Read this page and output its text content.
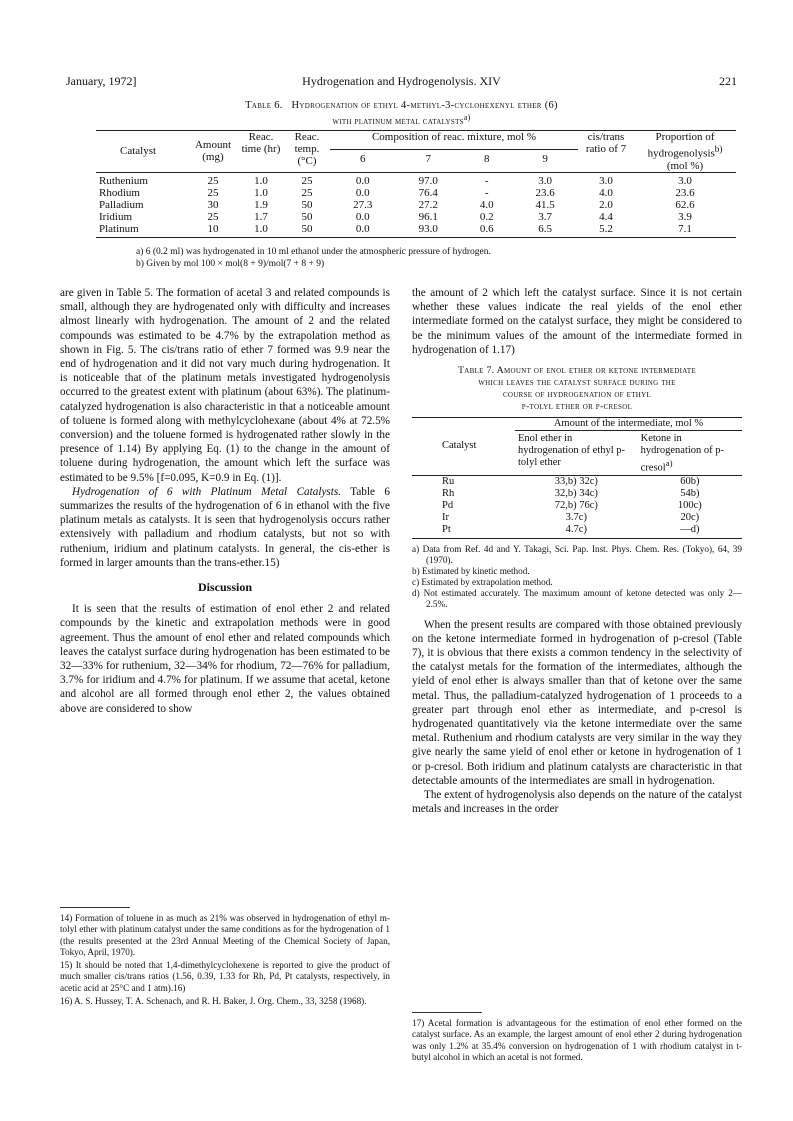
January, 1972]	Hydrogenation and Hydrogenolysis. XIV	221
Table 6. Hydrogenation of ethyl 4-methyl-3-cyclohexenyl ether (6)
with platinum metal catalysts$^{a)}$
Catalyst	Amount (mg)	Reac. time (hr)	Reac. temp. (°C)	Composition of reac. mixture, mol %				cis/trans ratio of 7	Proportion of hydrogenolysis$^{b)}$
(mol %)
				6	7	8	9		
Ruthenium	25	1.0	25	0.0	97.0	-	3.0	3.0	3.0
Rhodium	25	1.0	25	0.0	76.4	-	23.6	4.0	23.6
Palladium	30	1.9	50	27.3	27.2	4.0	41.5	2.0	62.6
Iridium	25	1.7	50	0.0	96.1	0.2	3.7	4.4	3.9
Platinum	10	1.0	50	0.0	93.0	0.6	6.5	5.2	7.1
a) 6 (0.2 ml) was hydrogenated in 10 ml ethanol under the atmospheric pressure of hydrogen.
b) Given by mol 100 × mol(8 + 9)/mol(7 + 8 + 9)

are given in Table 5. The formation of acetal 3 and related compounds is small, although they are hydrogenated only with difficulty and increases almost linearly with hydrogenation. The amount of 2 and the related compounds was estimated to be 4.7% by the extrapolation method as shown in Fig. 5. The cis/trans ratio of ether 7 formed was 9.9 near the end of hydrogenation and it did not vary much during hydrogenation. It is noticeable that of the platinum metals investigated hydrogenolysis occurred to the greatest extent with platinum (about 63%). The platinum-catalyzed hydrogenation is also characteristic in that a noticeable amount of toluene is formed along with methylcyclohexane (about 4% at 72.5% conversion) and the toluene formed is hydrogenated rather slowly in the presence of 1.14) By applying Eq. (1) to the change in the amount of toluene during hydrogenation, the amount which left the surface was estimated to be 9.5% [f=0.095, K=0.9 in Eq. (1)].

Hydrogenation of 6 with Platinum Metal Catalysts. Table 6 summarizes the results of the hydrogenation of 6 in ethanol with the five platinum metals as catalysts. It is seen that hydrogenolysis occurs rather extensively with palladium and rhodium catalysts, but not so with ruthenium, iridium and platinum catalysts. In general, the cis-ether is formed in larger amounts than the trans-ether.15)

Discussion

It is seen that the results of estimation of enol ether 2 and related compounds by the kinetic and extrapolation methods were in good agreement. Thus the amount of enol ether and related compounds which leaves the catalyst surface during hydrogenation has been estimated to be 32—33% for ruthenium, 32—34% for rhodium, 72—76% for palladium, 3.7% for iridium and 4.7% for platinum. If we assume that acetal, ketone and alcohol are all formed through enol ether 2, the values obtained above are considered to show

14) Formation of toluene in as much as 21% was observed in hydrogenation of ethyl m-tolyl ether with platinum catalyst under the same conditions as for the hydrogenation of 1 (the results presented at the 23rd Annual Meeting of the Chemical Society of Japan, Tokyo, April, 1970).

15) It should be noted that 1,4-dimethylcyclohexene is reported to give the product of much smaller cis/trans ratios (1.56, 0.39, 1.33 for Rh, Pd, Pt catalysts, respectively, in acetic acid at 25°C and 1 atm).16)

16) A. S. Hussey, T. A. Schenach, and R. H. Baker, J. Org. Chem., 33, 3258 (1968).

the amount of 2 which left the catalyst surface. Since it is not certain whether these values indicate the real yields of the enol ether intermediate formed on the catalyst surface, they might be considered to be the minimum values of the amount of the intermediate formed in hydrogenation of 1.17)

Table 7. Amount of enol ether or ketone intermediate
which leaves the catalyst surface during the
course of hydrogenation of ethyl
p-tolyl ether or p-cresol
Catalyst	Amount of the intermediate, mol %	
	Enol ether in hydrogenation of ethyl p-tolyl ether	Ketone in hydrogenation of p-cresol$^{a)}$
Ru	33,b) 32c)	60b)
Rh	32,b) 34c)	54b)
Pd	72,b) 76c)	100c)
Ir	3.7c)	20c)
Pt	4.7c)	—d)
a) Data from Ref. 4d and Y. Takagi, Sci. Pap. Inst. Phys. Chem. Res. (Tokyo), 64, 39 (1970).
b) Estimated by kinetic method.
c) Estimated by extrapolation method.
d) Not estimated accurately. The maximum amount of ketone detected was only 2—2.5%.

When the present results are compared with those obtained previously on the ketone intermediate formed in hydrogenation of p-cresol (Table 7), it is obvious that there exists a common tendency in the selectivity of the catalyst metals for the formation of the intermediates, although the yield of enol ether is always smaller than that of ketone over the same metal. Thus, the palladium-catalyzed hydrogenation of 1 proceeds to a greater part through enol ether as intermediate, and p-cresol is hydrogenated quantitatively via the ketone intermediate over the same metal. Ruthenium and rhodium catalysts are very similar in the way they give nearly the same yield of enol ether or ketone in hydrogenation of 1 or p-cresol. Both iridium and platinum catalysts are characteristic in that detectable amounts of the intermediates are small in hydrogenation.

The extent of hydrogenolysis also depends on the nature of the catalyst metals and increases in the order

17) Acetal formation is advantageous for the estimation of enol ether formed on the catalyst surface. As an example, the largest amount of enol ether 2 during hydrogenation was only 1.2% at 35.4% conversion on hydrogenation of 1 with rhodium catalyst in t-butyl alcohol in which an acetal is not formed.
